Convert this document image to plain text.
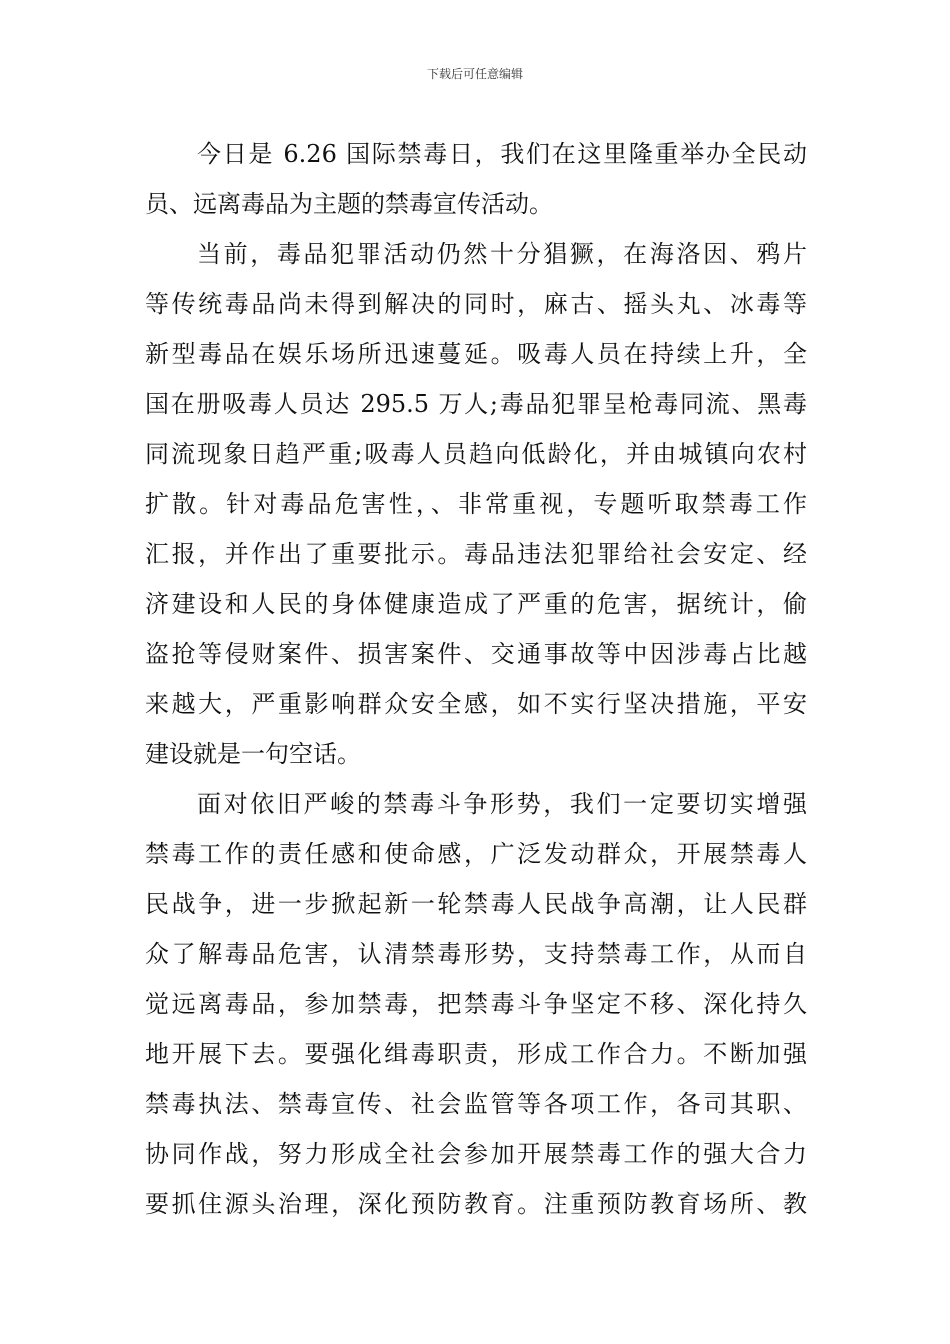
下载后可任意编辑
今日是 6.26 国际禁毒日，我们在这里隆重举办全民动
员、远离毒品为主题的禁毒宣传活动。
当前，毒品犯罪活动仍然十分猖獗，在海洛因、鸦片
等传统毒品尚未得到解决的同时，麻古、摇头丸、冰毒等
新型毒品在娱乐场所迅速蔓延。吸毒人员在持续上升，全
国在册吸毒人员达 295.5 万人;毒品犯罪呈枪毒同流、黑毒
同流现象日趋严重;吸毒人员趋向低龄化，并由城镇向农村
扩散。针对毒品危害性，、非常重视，专题听取禁毒工作
汇报，并作出了重要批示。毒品违法犯罪给社会安定、经
济建设和人民的身体健康造成了严重的危害，据统计，偷
盗抢等侵财案件、损害案件、交通事故等中因涉毒占比越
来越大，严重影响群众安全感，如不实行坚决措施，平安
建设就是一句空话。
面对依旧严峻的禁毒斗争形势，我们一定要切实增强
禁毒工作的责任感和使命感，广泛发动群众，开展禁毒人
民战争，进一步掀起新一轮禁毒人民战争高潮，让人民群
众了解毒品危害，认清禁毒形势，支持禁毒工作，从而自
觉远离毒品，参加禁毒，把禁毒斗争坚定不移、深化持久
地开展下去。要强化缉毒职责，形成工作合力。不断加强
禁毒执法、禁毒宣传、社会监管等各项工作，各司其职、
协同作战，努力形成全社会参加开展禁毒工作的强大合力
要抓住源头治理，深化预防教育。注重预防教育场所、教
